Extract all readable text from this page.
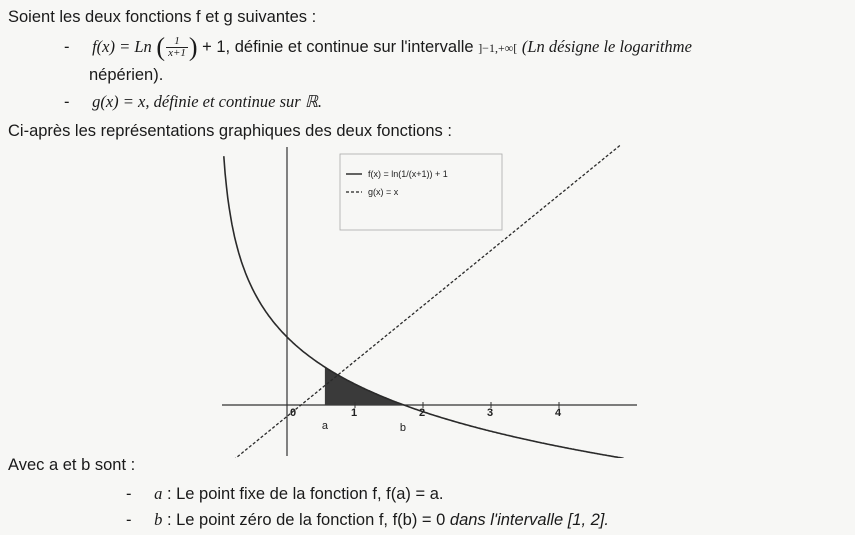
Soient les deux fonctions f et g suivantes :
- f(x) = Ln ( $\frac{1}{x+1}$ ) + 1, définie et continue sur l'intervalle ]−1,+∞[ (Ln désigne le logarithme
népérien).
- g(x) = x, définie et continue sur ℝ.
Ci-après les représentations graphiques des deux fonctions :
0	1	2	3	4
a	b
f(x) = ln(1/(x+1)) + 1
g(x) = x
Avec a et b sont :
- a : Le point fixe de la fonction f, f(a) = a.
- b : Le point zéro de la fonction f, f(b) = 0 dans l'intervalle [1, 2].
